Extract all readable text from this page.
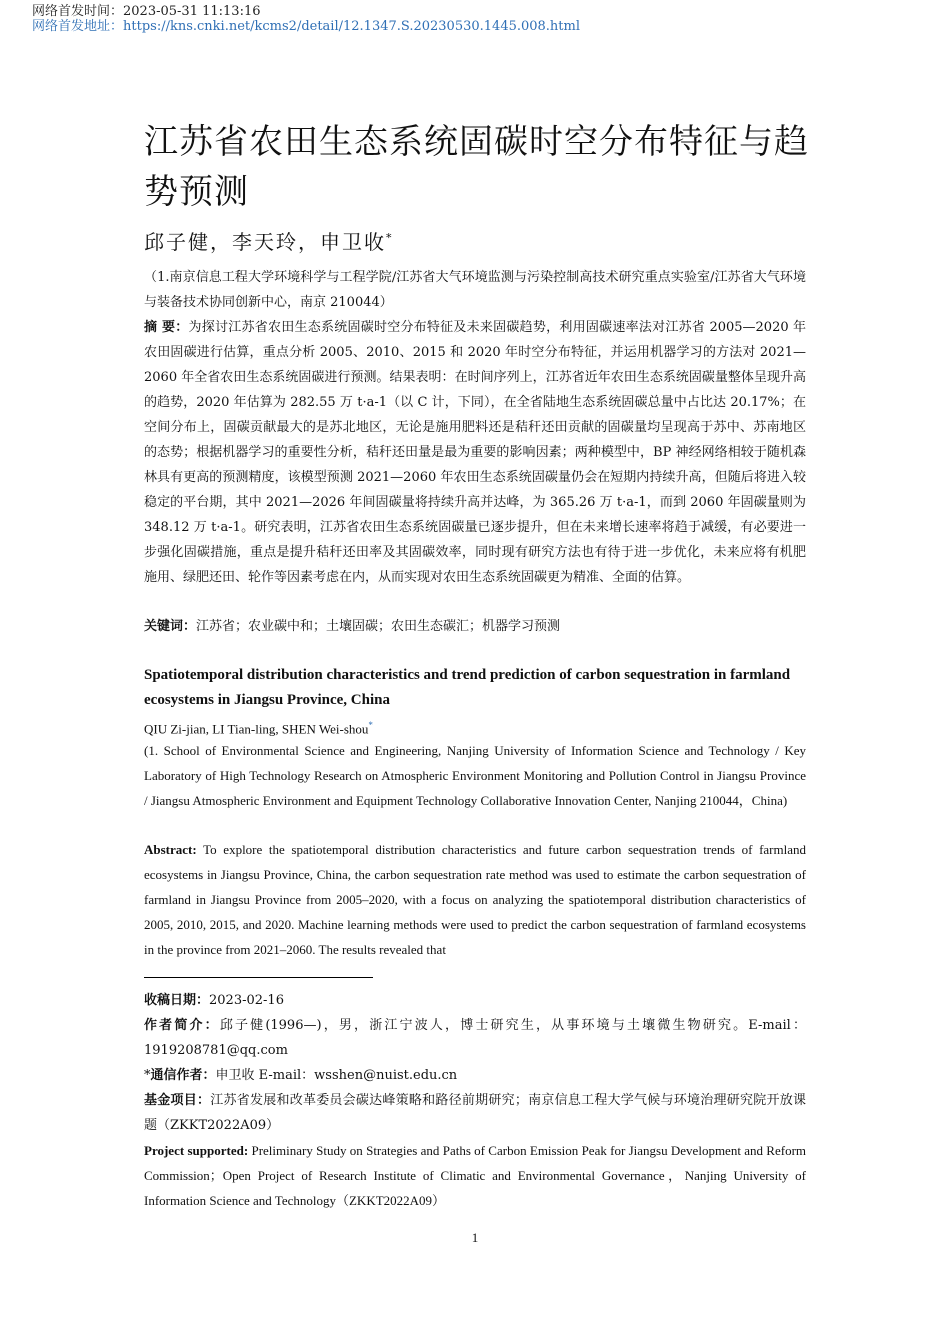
网络首发时间：2023-05-31 11:13:16
网络首发地址：https://kns.cnki.net/kcms2/detail/12.1347.S.20230530.1445.008.html
江苏省农田生态系统固碳时空分布特征与趋势预测
邱子健，李天玲，申卫收*
（1.南京信息工程大学环境科学与工程学院/江苏省大气环境监测与污染控制高技术研究重点实验室/江苏省大气环境与装备技术协同创新中心，南京 210044）
摘 要：为探讨江苏省农田生态系统固碳时空分布特征及未来固碳趋势，利用固碳速率法对江苏省 2005—2020 年农田固碳进行估算，重点分析 2005、2010、2015 和 2020 年时空分布特征，并运用机器学习的方法对 2021—2060 年全省农田生态系统固碳进行预测。结果表明：在时间序列上，江苏省近年农田生态系统固碳量整体呈现升高的趋势，2020 年估算为 282.55 万 t·a-1（以 C 计，下同），在全省陆地生态系统固碳总量中占比达 20.17%；在空间分布上，固碳贡献最大的是苏北地区，无论是施用肥料还是秸秆还田贡献的固碳量均呈现高于苏中、苏南地区的态势；根据机器学习的重要性分析，秸秆还田量是最为重要的影响因素；两种模型中，BP 神经网络相较于随机森林具有更高的预测精度，该模型预测 2021—2060 年农田生态系统固碳量仍会在短期内持续升高，但随后将进入较稳定的平台期，其中 2021—2026 年间固碳量将持续升高并达峰，为 365.26 万 t·a-1，而到 2060 年固碳量则为 348.12 万 t·a-1。研究表明，江苏省农田生态系统固碳量已逐步提升，但在未来增长速率将趋于减缓，有必要进一步强化固碳措施，重点是提升秸秆还田率及其固碳效率，同时现有研究方法也有待于进一步优化，未来应将有机肥施用、绿肥还田、轮作等因素考虑在内，从而实现对农田生态系统固碳更为精准、全面的估算。
关键词：江苏省；农业碳中和；土壤固碳；农田生态碳汇；机器学习预测
Spatiotemporal distribution characteristics and trend prediction of carbon sequestration in farmland ecosystems in Jiangsu Province, China
QIU Zi-jian, LI Tian-ling, SHEN Wei-shou*
(1. School of Environmental Science and Engineering, Nanjing University of Information Science and Technology / Key Laboratory of High Technology Research on Atmospheric Environment Monitoring and Pollution Control in Jiangsu Province / Jiangsu Atmospheric Environment and Equipment Technology Collaborative Innovation Center, Nanjing 210044，China)
Abstract: To explore the spatiotemporal distribution characteristics and future carbon sequestration trends of farmland ecosystems in Jiangsu Province, China, the carbon sequestration rate method was used to estimate the carbon sequestration of farmland in Jiangsu Province from 2005–2020, with a focus on analyzing the spatiotemporal distribution characteristics of 2005, 2010, 2015, and 2020. Machine learning methods were used to predict the carbon sequestration of farmland ecosystems in the province from 2021–2060. The results revealed that

收稿日期：2023-02-16

作者简介：邱子健(1996—)，男，浙江宁波人，博士研究生，从事环境与土壤微生物研究。E-mail：1919208781@qq.com

*通信作者：申卫收 E-mail：wsshen@nuist.edu.cn

基金项目：江苏省发展和改革委员会碳达峰策略和路径前期研究；南京信息工程大学气候与环境治理研究院开放课题（ZKKT2022A09）

Project supported: Preliminary Study on Strategies and Paths of Carbon Emission Peak for Jiangsu Development and Reform Commission；Open Project of Research Institute of Climatic and Environmental Governance，Nanjing University of Information Science and Technology（ZKKT2022A09）

1
